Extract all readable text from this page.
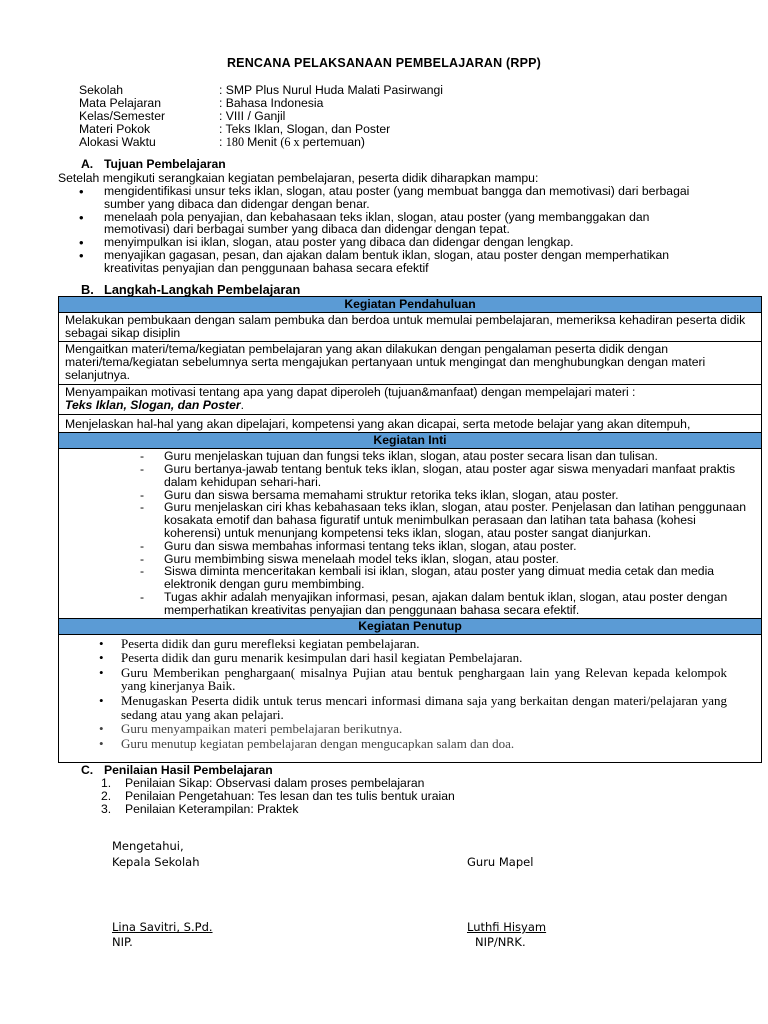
RENCANA PELAKSANAAN PEMBELAJARAN (RPP)
Sekolah	: SMP Plus Nurul Huda Malati Pasirwangi
Mata Pelajaran	: Bahasa Indonesia
Kelas/Semester	: VIII / Ganjil
Materi Pokok	: Teks Iklan, Slogan, dan Poster
Alokasi Waktu	: 180 Menit (6 x pertemuan)
A. Tujuan Pembelajaran
Setelah mengikuti serangkaian kegiatan pembelajaran, peserta didik diharapkan mampu:
• mengidentifikasi unsur teks iklan, slogan, atau poster (yang membuat bangga dan memotivasi) dari berbagai sumber yang dibaca dan didengar dengan benar.
• menelaah pola penyajian, dan kebahasaan teks iklan, slogan, atau poster (yang membanggakan dan memotivasi) dari berbagai sumber yang dibaca dan didengar dengan tepat.
• menyimpulkan isi iklan, slogan, atau poster yang dibaca dan didengar dengan lengkap.
• menyajikan gagasan, pesan, dan ajakan dalam bentuk iklan, slogan, atau poster dengan memperhatikan kreativitas penyajian dan penggunaan bahasa secara efektif
B. Langkah-Langkah Pembelajaran
Kegiatan Pendahuluan
Melakukan pembukaan dengan salam pembuka dan berdoa untuk memulai pembelajaran, memeriksa kehadiran peserta didik sebagai sikap disiplin
Mengaitkan materi/tema/kegiatan pembelajaran yang akan dilakukan dengan pengalaman peserta didik dengan materi/tema/kegiatan sebelumnya serta mengajukan pertanyaan untuk mengingat dan menghubungkan dengan materi selanjutnya.
Menyampaikan motivasi tentang apa yang dapat diperoleh (tujuan&manfaat) dengan mempelajari materi :
Teks Iklan, Slogan, dan Poster.
Menjelaskan hal-hal yang akan dipelajari, kompetensi yang akan dicapai, serta metode belajar yang akan ditempuh,
Kegiatan Inti

- Guru menjelaskan tujuan dan fungsi teks iklan, slogan, atau poster secara lisan dan tulisan.
- Guru bertanya-jawab tentang bentuk teks iklan, slogan, atau poster agar siswa menyadari manfaat praktis dalam kehidupan sehari-hari.
- Guru dan siswa bersama memahami struktur retorika teks iklan, slogan, atau poster.
- Guru menjelaskan ciri khas kebahasaan teks iklan, slogan, atau poster. Penjelasan dan latihan penggunaan kosakata emotif dan bahasa figuratif untuk menimbulkan perasaan dan latihan tata bahasa (kohesi koherensi) untuk menunjang kompetensi teks iklan, slogan, atau poster sangat dianjurkan.
- Guru dan siswa membahas informasi tentang teks iklan, slogan, atau poster.
- Guru membimbing siswa menelaah model teks iklan, slogan, atau poster.
- Siswa diminta menceritakan kembali isi iklan, slogan, atau poster yang dimuat media cetak dan media elektronik dengan guru membimbing.
- Tugas akhir adalah menyajikan informasi, pesan, ajakan dalam bentuk iklan, slogan, atau poster dengan memperhatikan kreativitas penyajian dan penggunaan bahasa secara efektif.

Kegiatan Penutup

• Peserta didik dan guru merefleksi kegiatan pembelajaran.
• Peserta didik dan guru menarik kesimpulan dari hasil kegiatan Pembelajaran.
• Guru Memberikan penghargaan( misalnya Pujian atau bentuk penghargaan lain yang Relevan kepada kelompok yang kinerjanya Baik.
• Menugaskan Peserta didik untuk terus mencari informasi dimana saja yang berkaitan dengan materi/pelajaran yang sedang atau yang akan pelajari.
• Guru menyampaikan materi pembelajaran berikutnya.
• Guru menutup kegiatan pembelajaran dengan mengucapkan salam dan doa.
C. Penilaian Hasil Pembelajaran
1. Penilaian Sikap: Observasi dalam proses pembelajaran
2. Penilaian Pengetahuan: Tes lesan dan tes tulis bentuk uraian
3. Penilaian Keterampilan: Praktek
Mengetahui,
Kepala Sekolah	Guru Mapel
Lina Savitri, S.Pd.	Luthfi Hisyam
NIP.	NIP/NRK.
